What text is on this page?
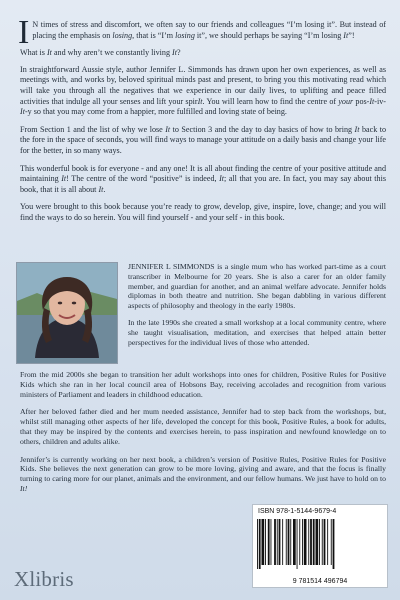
I N times of stress and discomfort, we often say to our friends and colleagues “I’m losing it”. But instead of placing the emphasis on losing, that is “I’m losing it”, we should perhaps be saying “I’m losing It”!

What is It and why aren’t we constantly living It?

In straightforward Aussie style, author Jennifer L. Simmonds has drawn upon her own experiences, as well as meetings with, and works by, beloved spiritual minds past and present, to bring you this motivating read which will take you through all the negatives that we experience in our daily lives, to uplifting and peace filled activities that indulge all your senses and lift your spirIt. You will learn how to find the centre of your pos-It-iv-It-y so that you may come from a happier, more fulfilled and loving state of being.

From Section 1 and the list of why we lose It to Section 3 and the day to day basics of how to bring It back to the fore in the space of seconds, you will find ways to manage your attitude on a daily basis and change your life for the better, in so many ways.

This wonderful book is for everyone - and any one! It is all about finding the centre of your positive attitude and maintaining It! The centre of the word “positive” is indeed, It; all that you are. In fact, you may say about this book, that it is all about It.

You were brought to this book because you’re ready to grow, develop, give, inspire, love, change; and you will find the ways to do so herein. You will find yourself - and your self - in this book.

JENNIFER L SIMMONDS is a single mum who has worked part-time as a court transcriber in Melbourne for 20 years. She is also a carer for an older family member, and guardian for another, and an animal welfare advocate. Jennifer holds diplomas in both theatre and nutrition. She began dabbling in various different aspects of philosophy and theology in the early 1980s.

In the late 1990s she created a small workshop at a local community centre, where she taught visualisation, meditation, and exercises that helped attain better perspectives for the individual lives of those who attended.

From the mid 2000s she began to transition her adult workshops into ones for children, Positive Rules for Positive Kids which she ran in her local council area of Hobsons Bay, receiving accolades and recognition from various ministers of Parliament and leaders in childhood education.

After her beloved father died and her mum needed assistance, Jennifer had to step back from the workshops, but, whilst still managing other aspects of her life, developed the concept for this book, Positive Rules, a book for adults, that they may be inspired by the contents and exercises herein, to pass inspiration and newfound knowledge on to others, children and adults alike.

Jennifer’s is currently working on her next book, a children’s version of Positive Rules, Positive Rules for Positive Kids. She believes the next generation can grow to be more loving, giving and aware, and that the focus is finally turning to caring more for our planet, animals and the environment, and our fellow humans. We just have to hold on to It!

Xlibris
ISBN 978-1-5144-9679-4
9 781514 496794
